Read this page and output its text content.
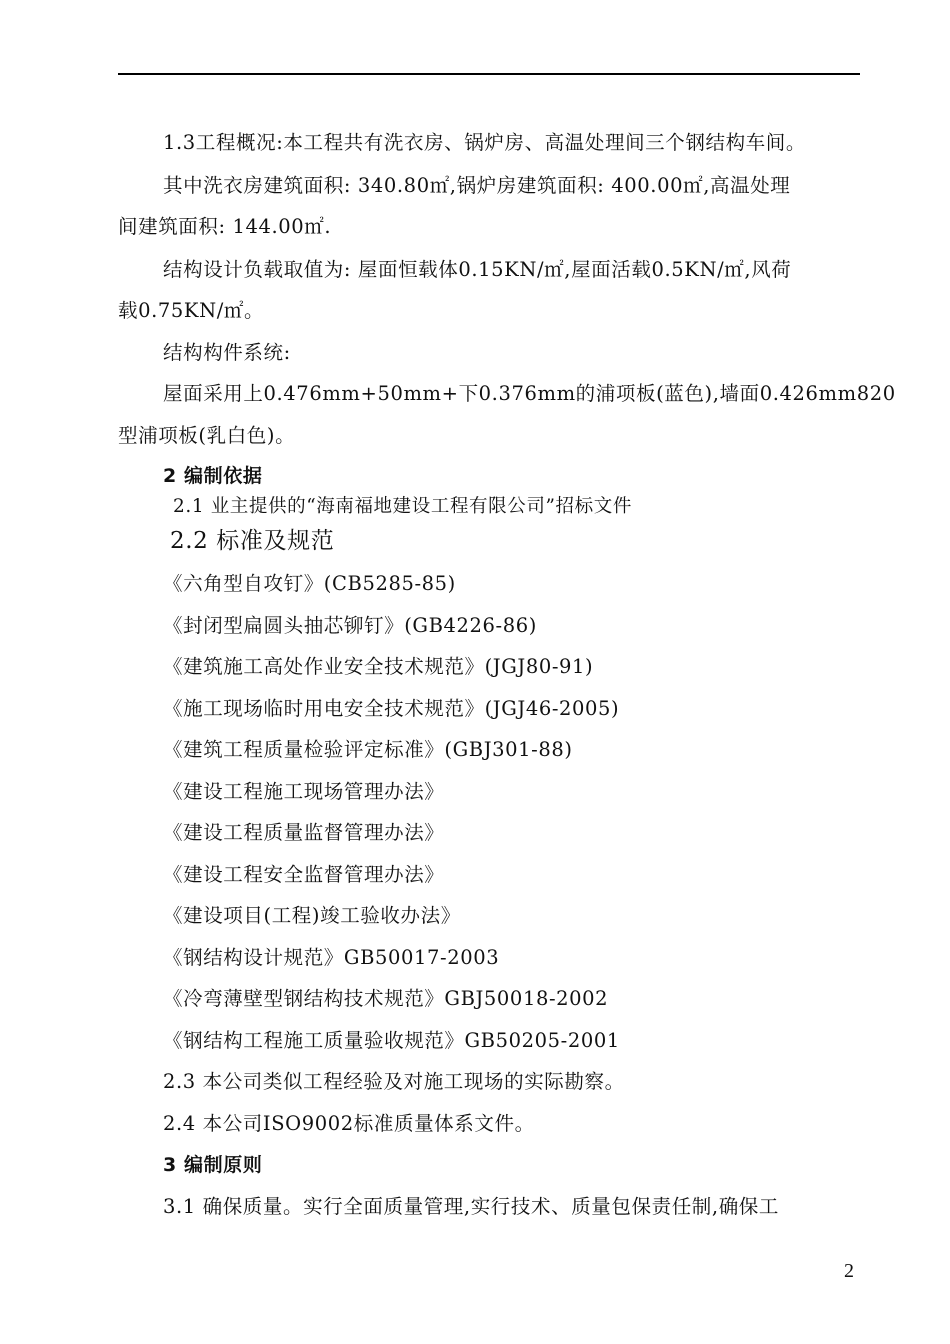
1.3工程概况:本工程共有洗衣房、锅炉房、高温处理间三个钢结构车间。
其中洗衣房建筑面积: 340.80㎡,锅炉房建筑面积: 400.00㎡,高温处理
间建筑面积: 144.00㎡.
结构设计负载取值为: 屋面恒载体0.15KN/㎡,屋面活载0.5KN/㎡,风荷
载0.75KN/㎡。
结构构件系统:
屋面采用上0.476mm+50mm+下0.376mm的浦项板(蓝色),墙面0.426mm820
型浦项板(乳白色)。
2 编制依据
2.1 业主提供的“海南福地建设工程有限公司”招标文件
2.2 标准及规范
《六角型自攻钉》(CB5285-85)
《封闭型扁圆头抽芯铆钉》(GB4226-86)
《建筑施工高处作业安全技术规范》(JGJ80-91)
《施工现场临时用电安全技术规范》(JGJ46-2005)
《建筑工程质量检验评定标准》(GBJ301-88)
《建设工程施工现场管理办法》
《建设工程质量监督管理办法》
《建设工程安全监督管理办法》
《建设项目(工程)竣工验收办法》
《钢结构设计规范》GB50017-2003
《冷弯薄壁型钢结构技术规范》GBJ50018-2002
《钢结构工程施工质量验收规范》GB50205-2001
2.3 本公司类似工程经验及对施工现场的实际勘察。
2.4 本公司ISO9002标准质量体系文件。
3 编制原则
3.1 确保质量。实行全面质量管理,实行技术、质量包保责任制,确保工
2
